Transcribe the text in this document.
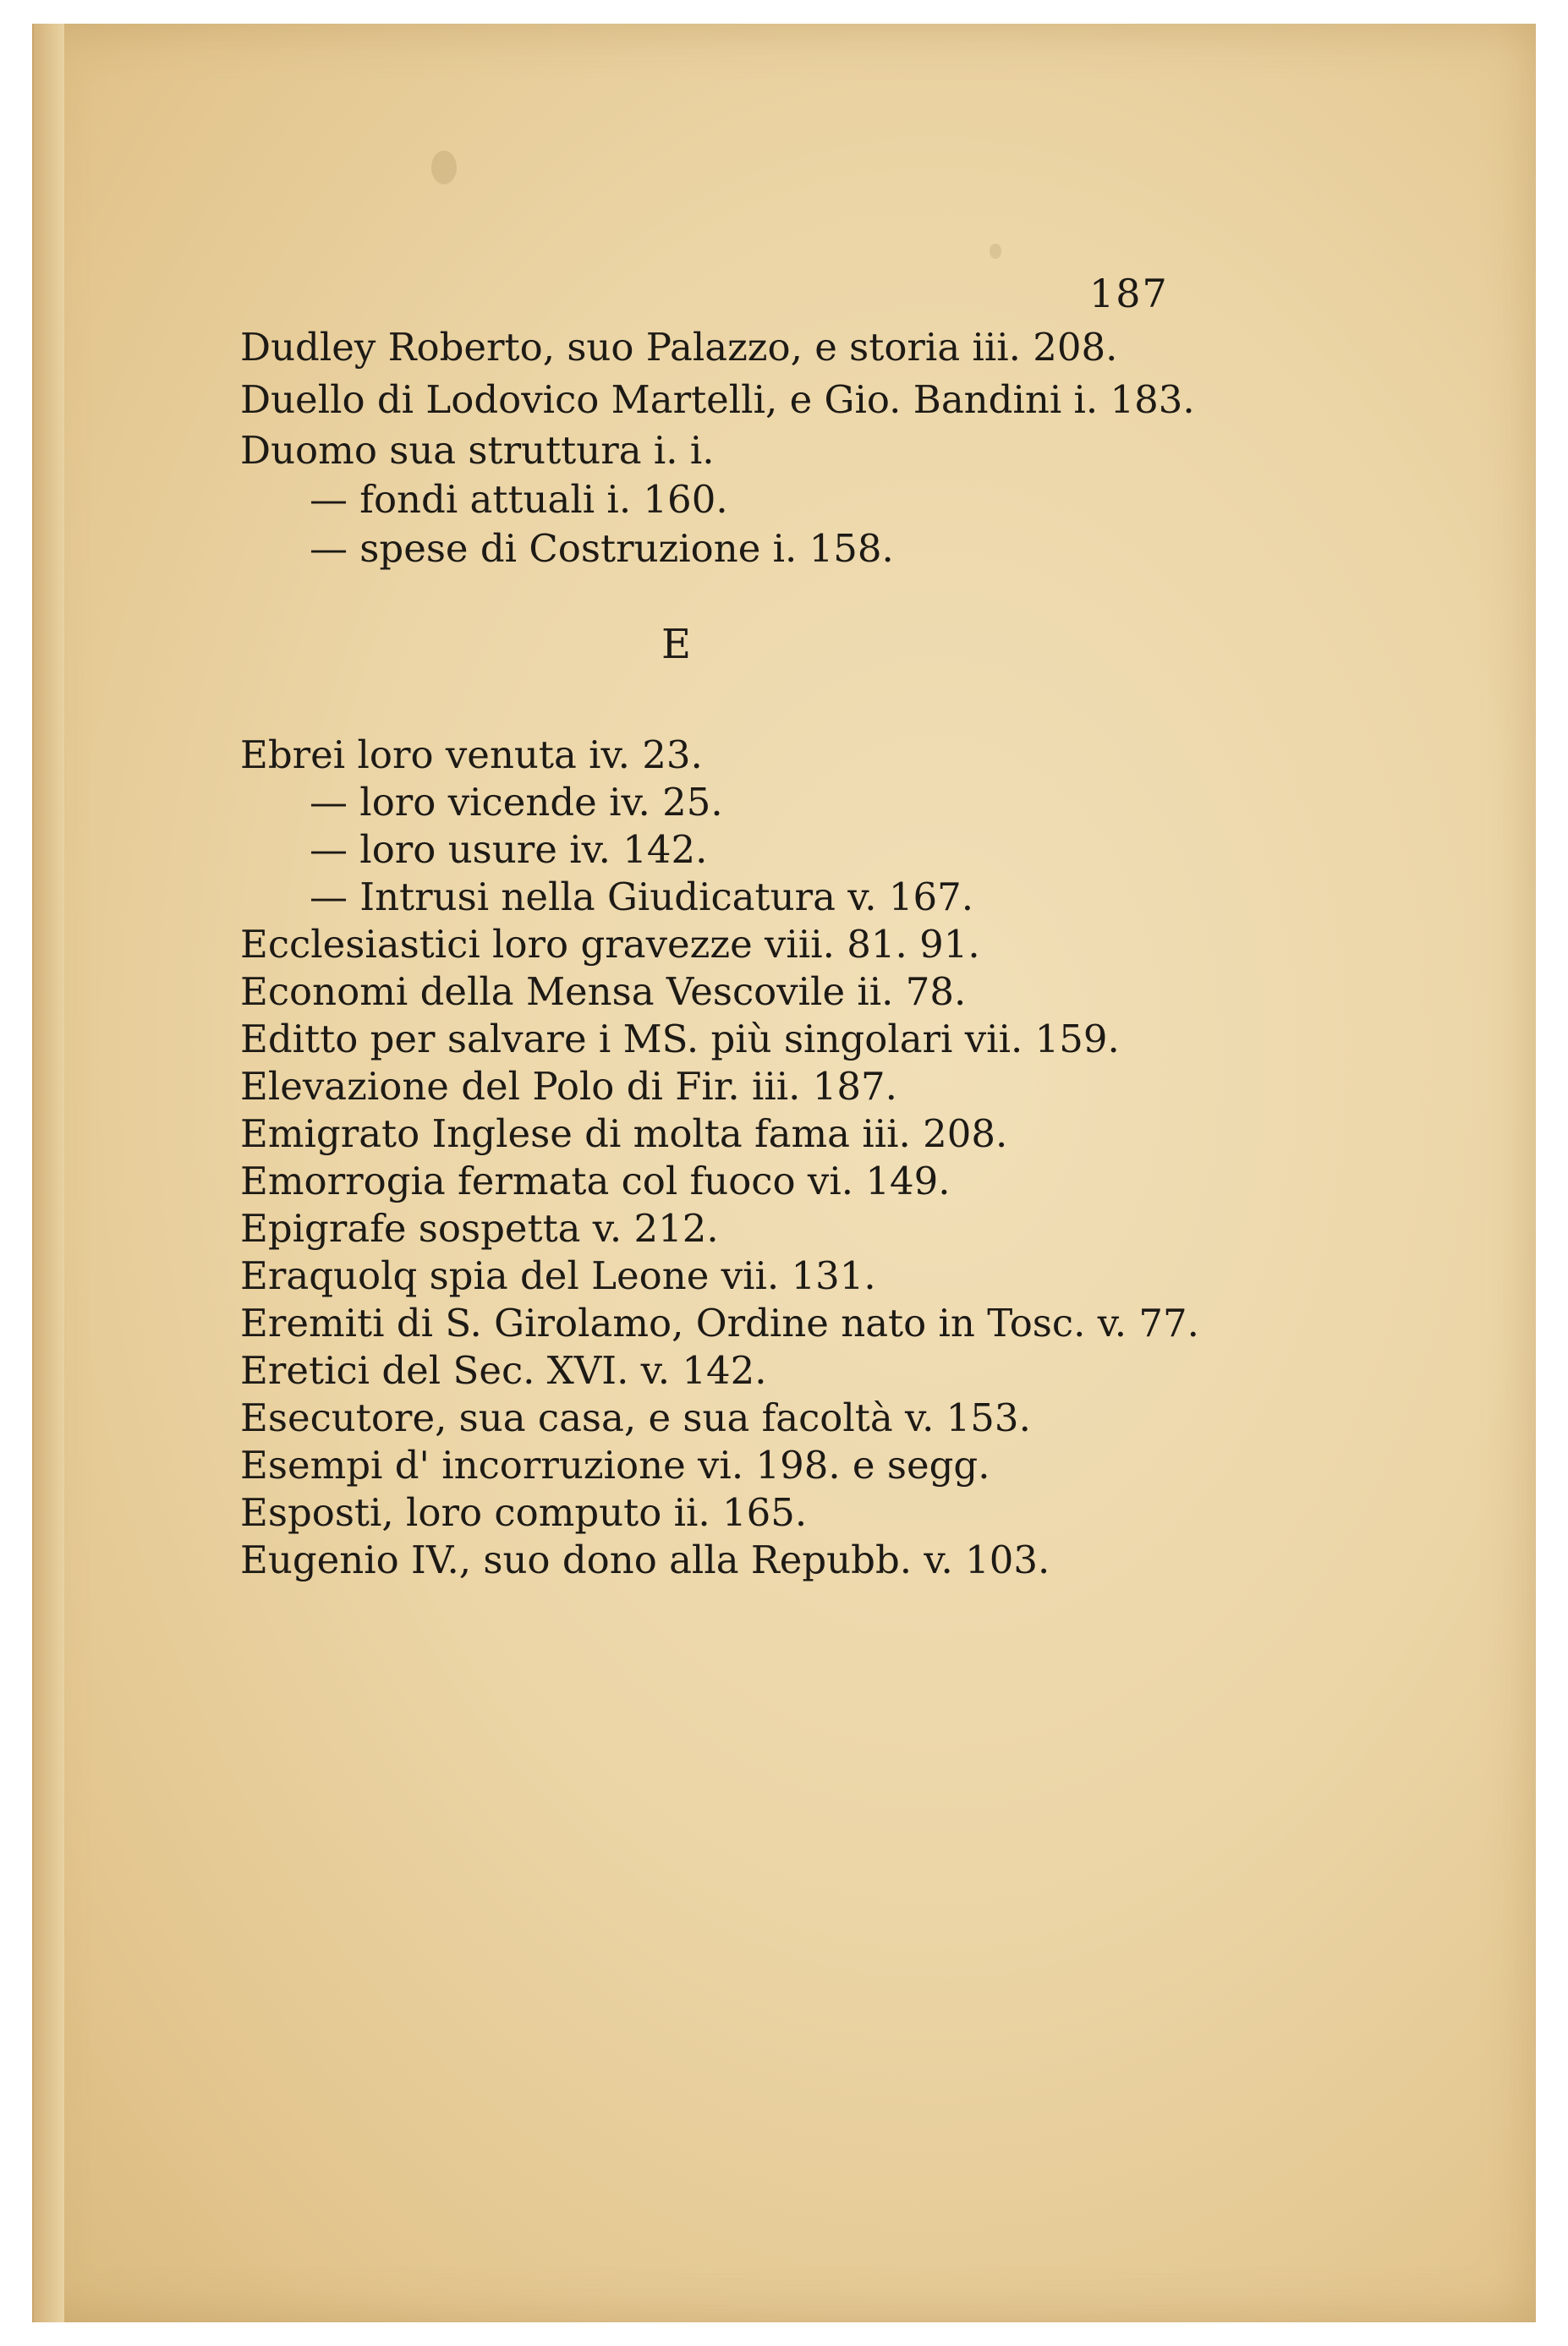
187
Dudley Roberto, suo Palazzo, e storia iii. 208.
Duello di Lodovico Martelli, e Gio. Bandini i. 183.
Duomo sua struttura i. i.
— fondi attuali i. 160.
— spese di Costruzione i. 158.
E
Ebrei loro venuta iv. 23.
— loro vicende iv. 25.
— loro usure iv. 142.
— Intrusi nella Giudicatura v. 167.
Ecclesiastici loro gravezze viii. 81. 91.
Economi della Mensa Vescovile ii. 78.
Editto per salvare i MS. più singolari vii. 159.
Elevazione del Polo di Fir. iii. 187.
Emigrato Inglese di molta fama iii. 208.
Emorrogia fermata col fuoco vi. 149.
Epigrafe sospetta v. 212.
Eraquolq spia del Leone vii. 131.
Eremiti di S. Girolamo, Ordine nato in Tosc. v. 77.
Eretici del Sec. XVI. v. 142.
Esecutore, sua casa, e sua facoltà v. 153.
Esempi d' incorruzione vi. 198. e segg.
Esposti, loro computo ii. 165.
Eugenio IV., suo dono alla Repubb. v. 103.
